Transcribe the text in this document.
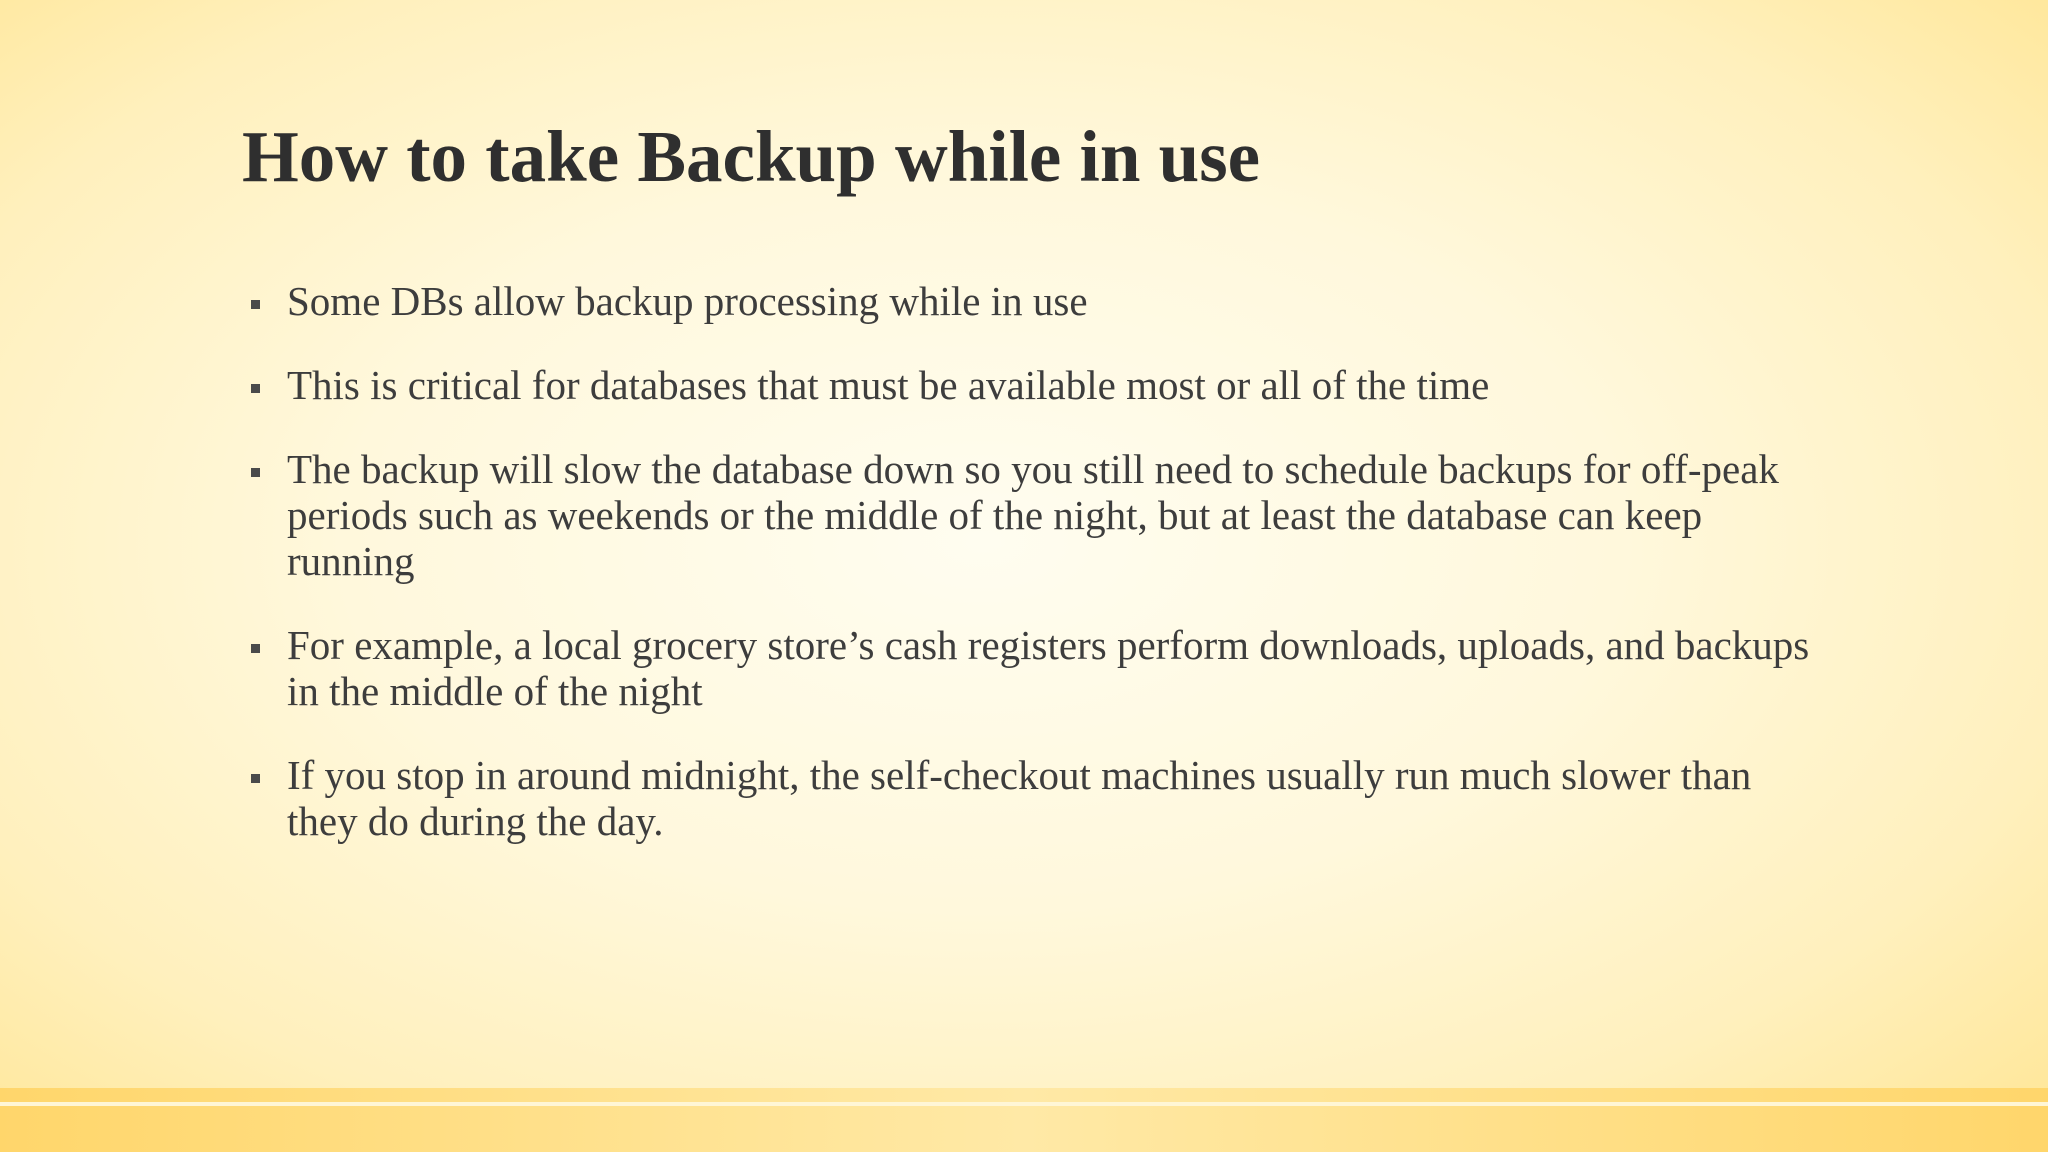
How to take Backup while in use
Some DBs allow backup processing while in use
This is critical for databases that must be available most or all of the time
The backup will slow the database down so you still need to schedule backups for off-peak periods such as weekends or the middle of the night, but at least the database can keep running
For example, a local grocery store’s cash registers perform downloads, uploads, and backups in the middle of the night
If you stop in around midnight, the self-checkout machines usually run much slower than they do during the day.
